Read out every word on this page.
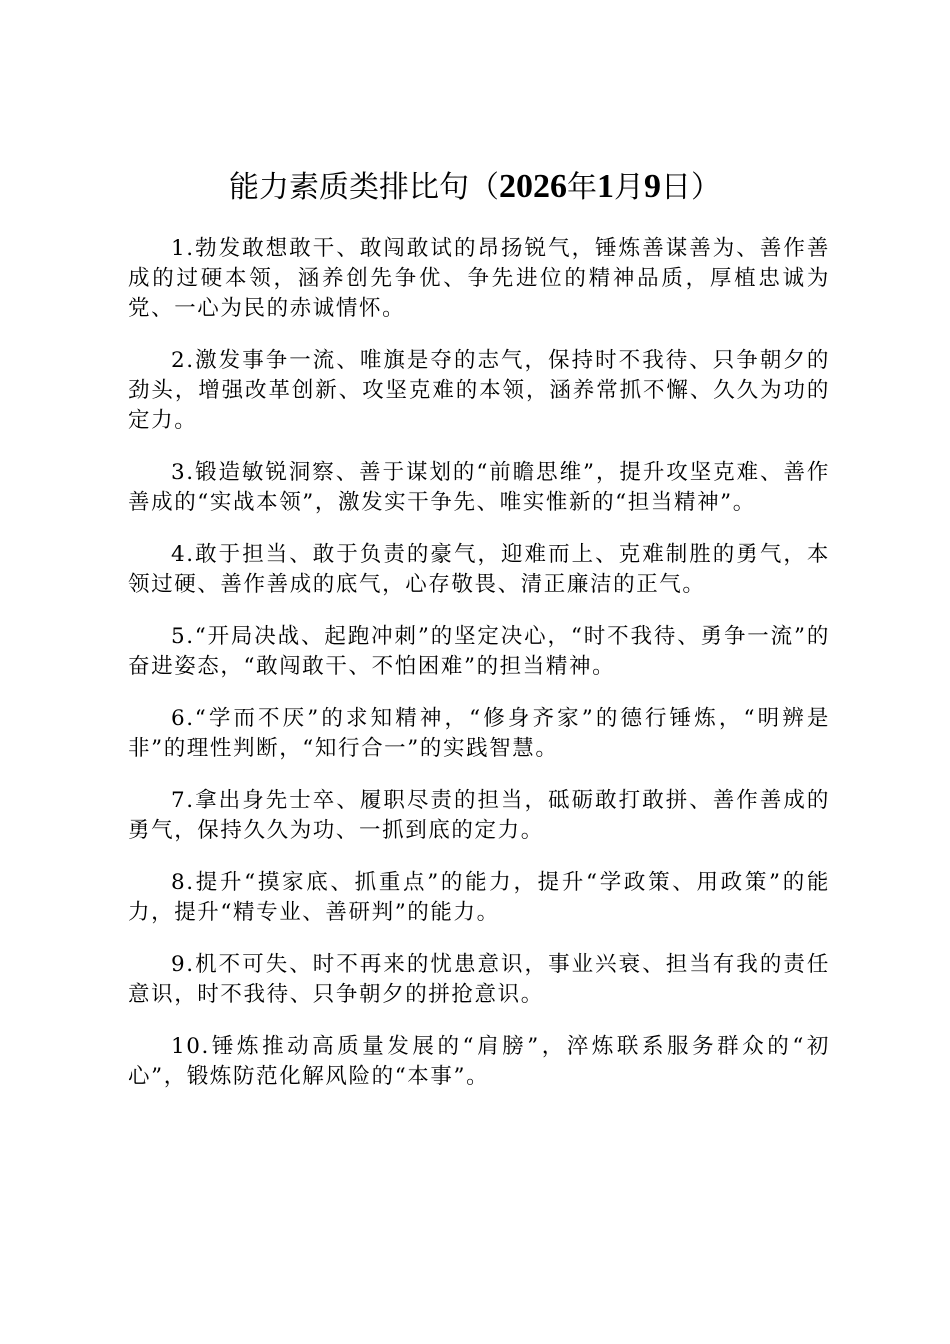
能力素质类排比句（2026年1月9日）

1.勃发敢想敢干、敢闯敢试的昂扬锐气，锤炼善谋善为、善作善成的过硬本领，涵养创先争优、争先进位的精神品质，厚植忠诚为党、一心为民的赤诚情怀。

2.激发事争一流、唯旗是夺的志气，保持时不我待、只争朝夕的劲头，增强改革创新、攻坚克难的本领，涵养常抓不懈、久久为功的定力。

3.锻造敏锐洞察、善于谋划的“前瞻思维”，提升攻坚克难、善作善成的“实战本领”，激发实干争先、唯实惟新的“担当精神”。

4.敢于担当、敢于负责的豪气，迎难而上、克难制胜的勇气，本领过硬、善作善成的底气，心存敬畏、清正廉洁的正气。

5.“开局决战、起跑冲刺”的坚定决心，“时不我待、勇争一流”的奋进姿态，“敢闯敢干、不怕困难”的担当精神。

6.“学而不厌”的求知精神，“修身齐家”的德行锤炼，“明辨是非”的理性判断，“知行合一”的实践智慧。

7.拿出身先士卒、履职尽责的担当，砥砺敢打敢拼、善作善成的勇气，保持久久为功、一抓到底的定力。

8.提升“摸家底、抓重点”的能力，提升“学政策、用政策”的能力，提升“精专业、善研判”的能力。

9.机不可失、时不再来的忧患意识，事业兴衰、担当有我的责任意识，时不我待、只争朝夕的拼抢意识。

10.锤炼推动高质量发展的“肩膀”，淬炼联系服务群众的“初心”，锻炼防范化解风险的“本事”。
